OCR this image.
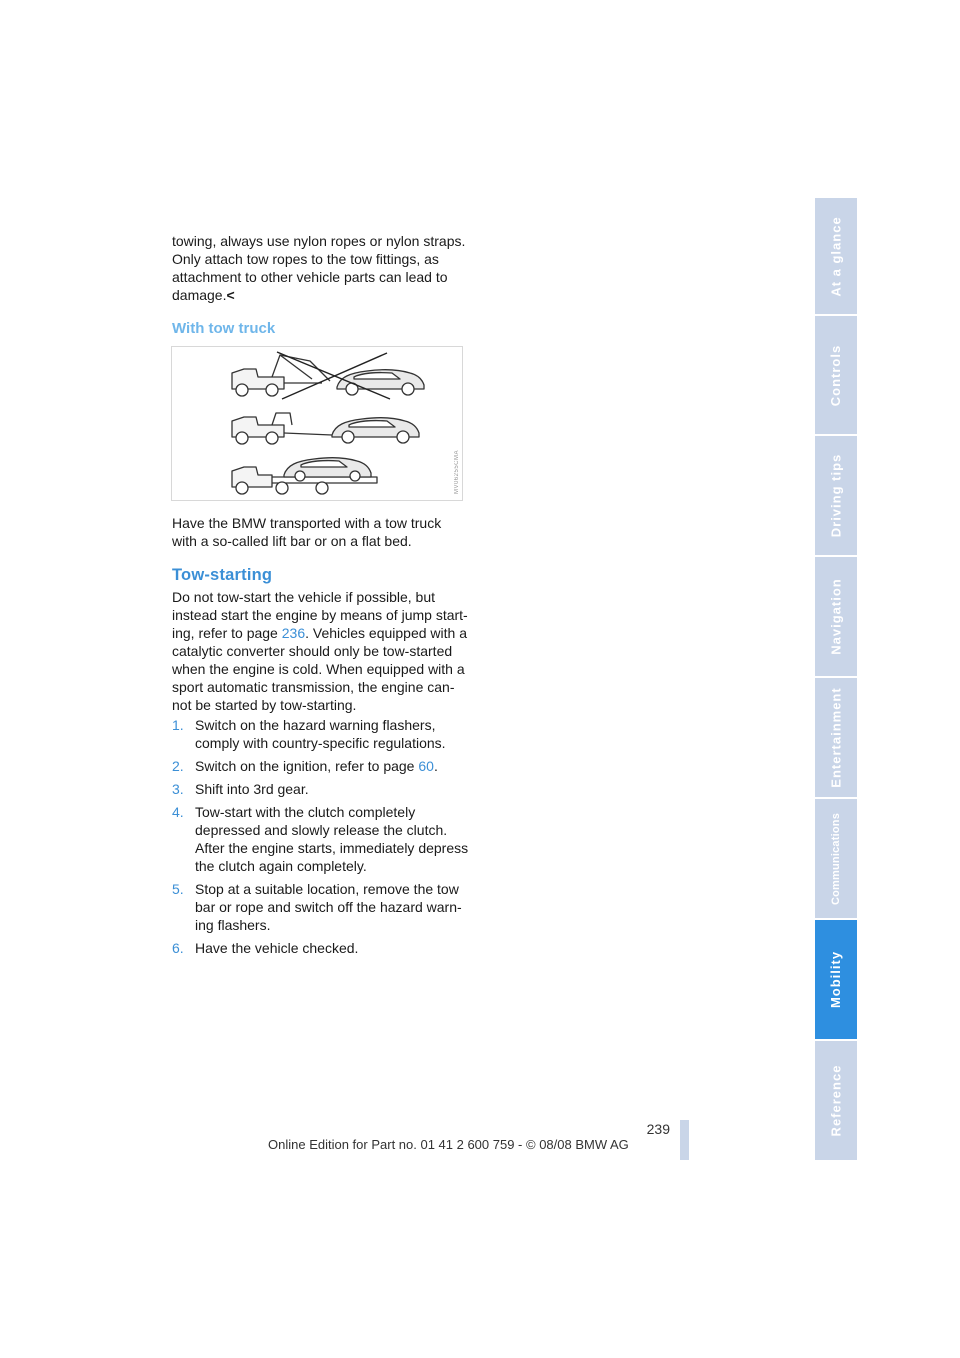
towing, always use nylon ropes or nylon straps.

Only attach tow ropes to the tow fittings, as

attachment to other vehicle parts can lead to

damage.<

With tow truck
MV06255CMA

Have the BMW transported with a tow truck with a so-called lift bar or on a flat bed.

Tow-starting

Do not tow-start the vehicle if possible, but instead start the engine by means of jump start-ing, refer to page 236. Vehicles equipped with a catalytic converter should only be tow-started when the engine is cold. When equipped with a sport automatic transmission, the engine can-not be started by tow-starting.

1. Switch on the hazard warning flashers, comply with country-specific regulations.
2. Switch on the ignition, refer to page 60.
3. Shift into 3rd gear.
4. Tow-start with the clutch completely depressed and slowly release the clutch. After the engine starts, immediately depress the clutch again completely.
5. Stop at a suitable location, remove the tow bar or rope and switch off the hazard warn-ing flashers.
6. Have the vehicle checked.
At a glance
Controls
Driving tips
Navigation
Entertainment
Communications
Mobility
Reference
239
Online Edition for Part no. 01 41 2 600 759 - © 08/08 BMW AG
